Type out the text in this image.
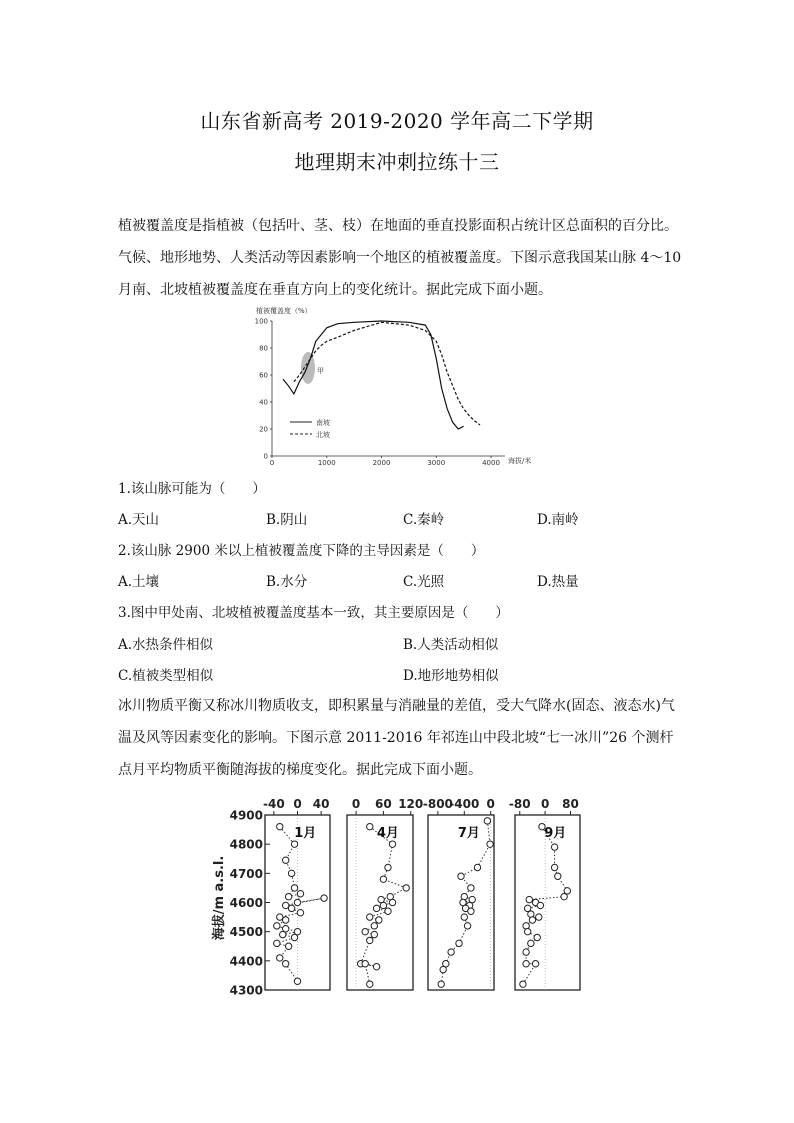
山东省新高考 2019-2020 学年高二下学期
地理期末冲刺拉练十三
植被覆盖度是指植被（包括叶、茎、枝）在地面的垂直投影面积占统计区总面积的百分比。
气候、地形地势、人类活动等因素影响一个地区的植被覆盖度。下图示意我国某山脉 4～10
月南、北坡植被覆盖度在垂直方向上的变化统计。据此完成下面小题。
植被覆盖度（%）
0
20
40
60
80
100
0	1000	2000	3000	4000 海拔/米
甲
南坡
北坡
1.该山脉可能为（　　）
A.天山	B.阴山	C.秦岭	D.南岭
2.该山脉 2900 米以上植被覆盖度下降的主导因素是（　　）
A.土壤	B.水分	C.光照	D.热量
3.图中甲处南、北坡植被覆盖度基本一致，其主要原因是（　　）
A.水热条件相似	B.人类活动相似
C.植被类型相似	D.地形地势相似
冰川物质平衡又称冰川物质收支，即积累量与消融量的差值，受大气降水(固态、液态水)气
温及风等因素变化的影响。下图示意 2011-2016 年祁连山中段北坡“七一冰川”26 个测杆
点月平均物质平衡随海拔的梯度变化。据此完成下面小题。
海拔/m a.s.l.
4900
4800
4700
4600
4500
4400
4300
-40 0 40
1月
0 60 120
4月
-800
-400 0
7月
-80 0 80
9月
